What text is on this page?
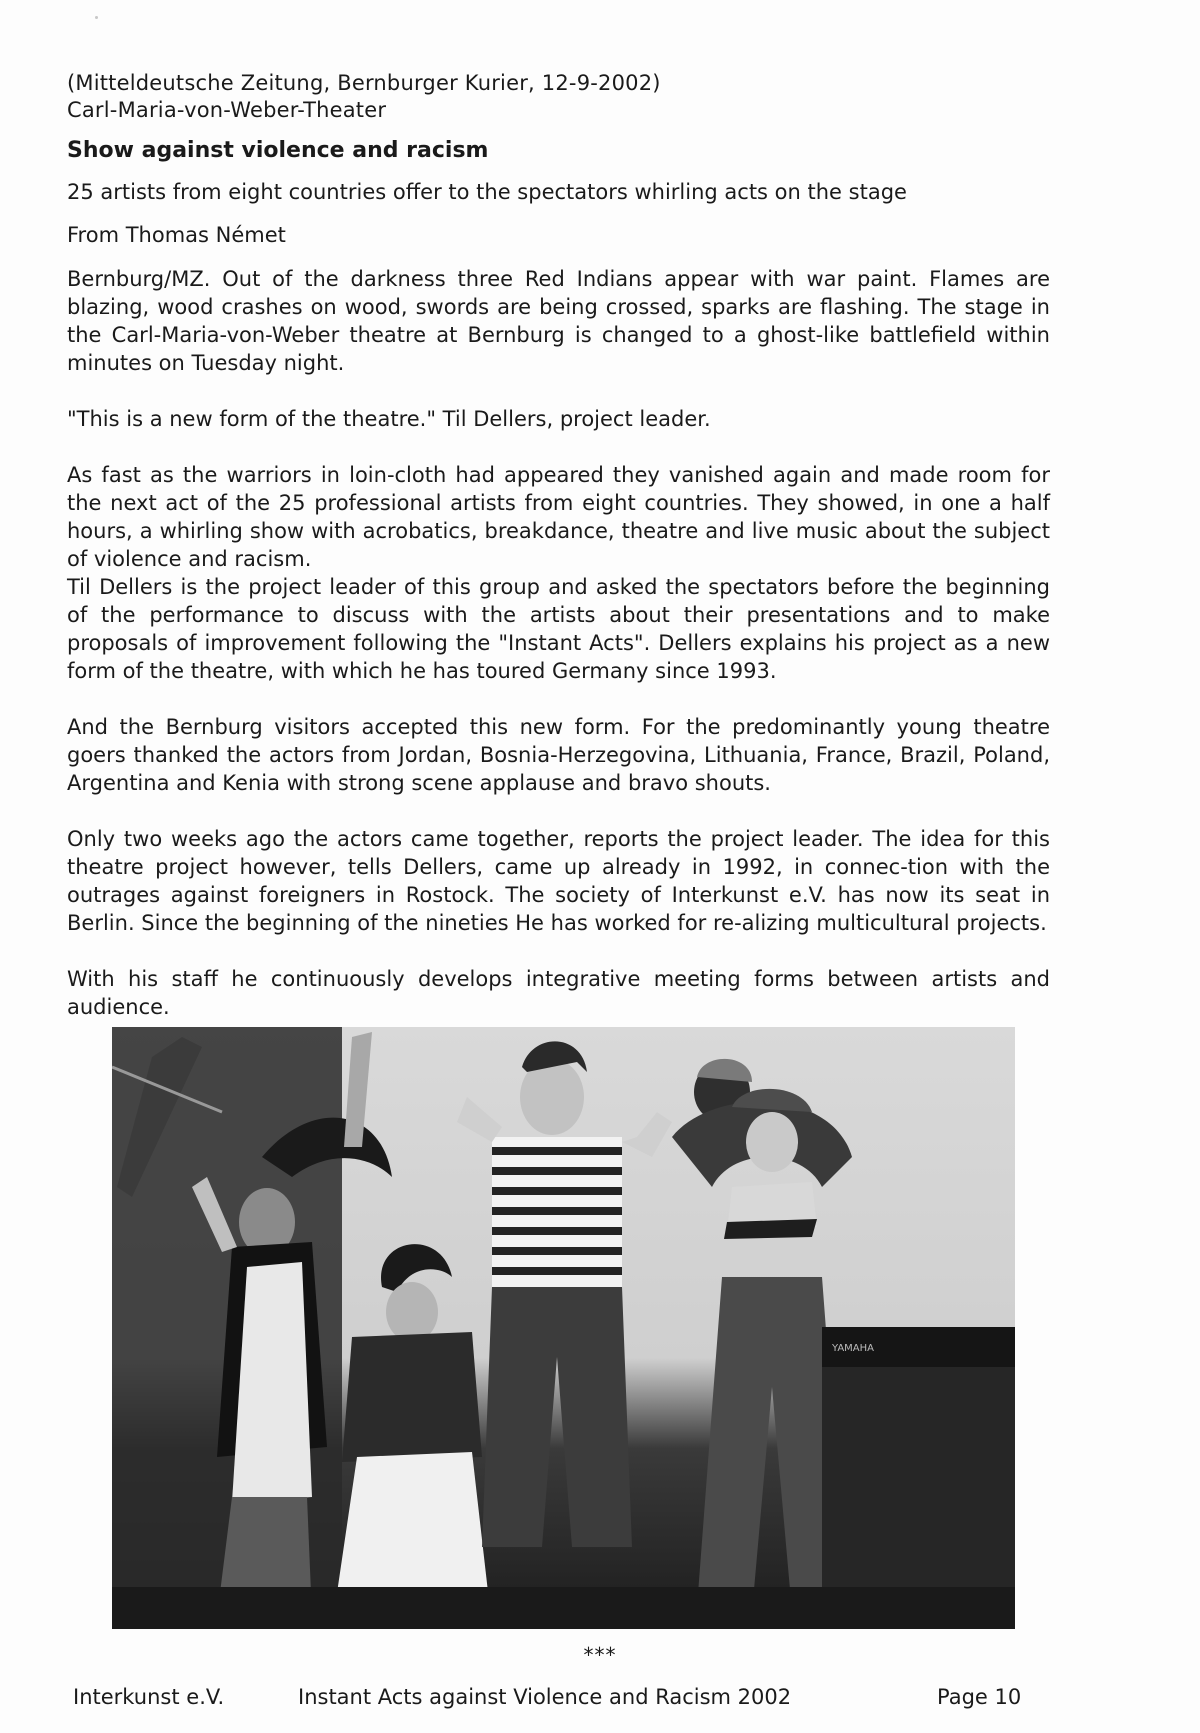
(Mitteldeutsche Zeitung, Bernburger Kurier, 12-9-2002)
Carl-Maria-von-Weber-Theater
Show against violence and racism

25 artists from eight countries offer to the spectators whirling acts on the stage

From Thomas Német

Bernburg/MZ. Out of the darkness three Red Indians appear with war paint. Flames are blazing, wood crashes on wood, swords are being crossed, sparks are flashing. The stage in the Carl-Maria-von-Weber theatre at Bernburg is changed to a ghost-like battlefield within minutes on Tuesday night.

"This is a new form of the theatre." Til Dellers, project leader.

As fast as the warriors in loin-cloth had appeared they vanished again and made room for the next act of the 25 professional artists from eight countries. They showed, in one a half hours, a whirling show with acrobatics, breakdance, theatre and live music about the subject of violence and racism.

Til Dellers is the project leader of this group and asked the spectators before the beginning of the performance to discuss with the artists about their presentations and to make proposals of improvement following the "Instant Acts". Dellers explains his project as a new form of the theatre, with which he has toured Germany since 1993.

And the Bernburg visitors accepted this new form. For the predominantly young theatre goers thanked the actors from Jordan, Bosnia-Herzegovina, Lithuania, France, Brazil, Poland, Argentina and Kenia with strong scene applause and bravo shouts.

Only two weeks ago the actors came together, reports the project leader. The idea for this theatre project however, tells Dellers, came up already in 1992, in connec-tion with the outrages against foreigners in Rostock. The society of Interkunst e.V. has now its seat in Berlin. Since the beginning of the nineties He has worked for re-alizing multicultural projects.

With his staff he continuously develops integrative meeting forms between artists and audience.

YAMAHA
***
Interkunst e.V.	Instant Acts against Violence and Racism 2002	Page 10
